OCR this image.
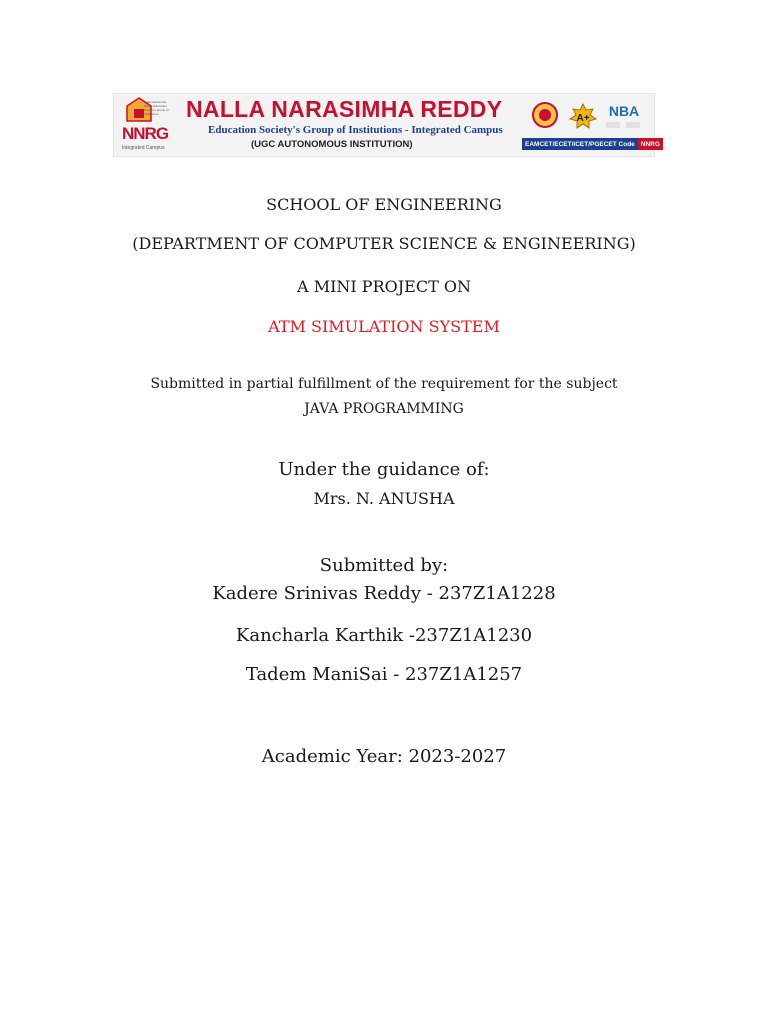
Nalla Narasimha Reddy Education Society's Group of Institutions
NNRG
Integrated Campus
NALLA NARASIMHA REDDY
Education Society's Group of Institutions - Integrated Campus
(UGC AUTONOMOUS INSTITUTION)
A+ NBA
EAMCET/ECET/ICET/PGECET Code NNRG
SCHOOL OF ENGINEERING
(DEPARTMENT OF COMPUTER SCIENCE & ENGINEERING)
A MINI PROJECT ON
ATM SIMULATION SYSTEM
Submitted in partial fulfillment of the requirement for the subject
JAVA PROGRAMMING
Under the guidance of:
Mrs. N. ANUSHA
Submitted by:
Kadere Srinivas Reddy - 237Z1A1228
Kancharla Karthik -237Z1A1230
Tadem ManiSai - 237Z1A1257
Academic Year: 2023-2027
